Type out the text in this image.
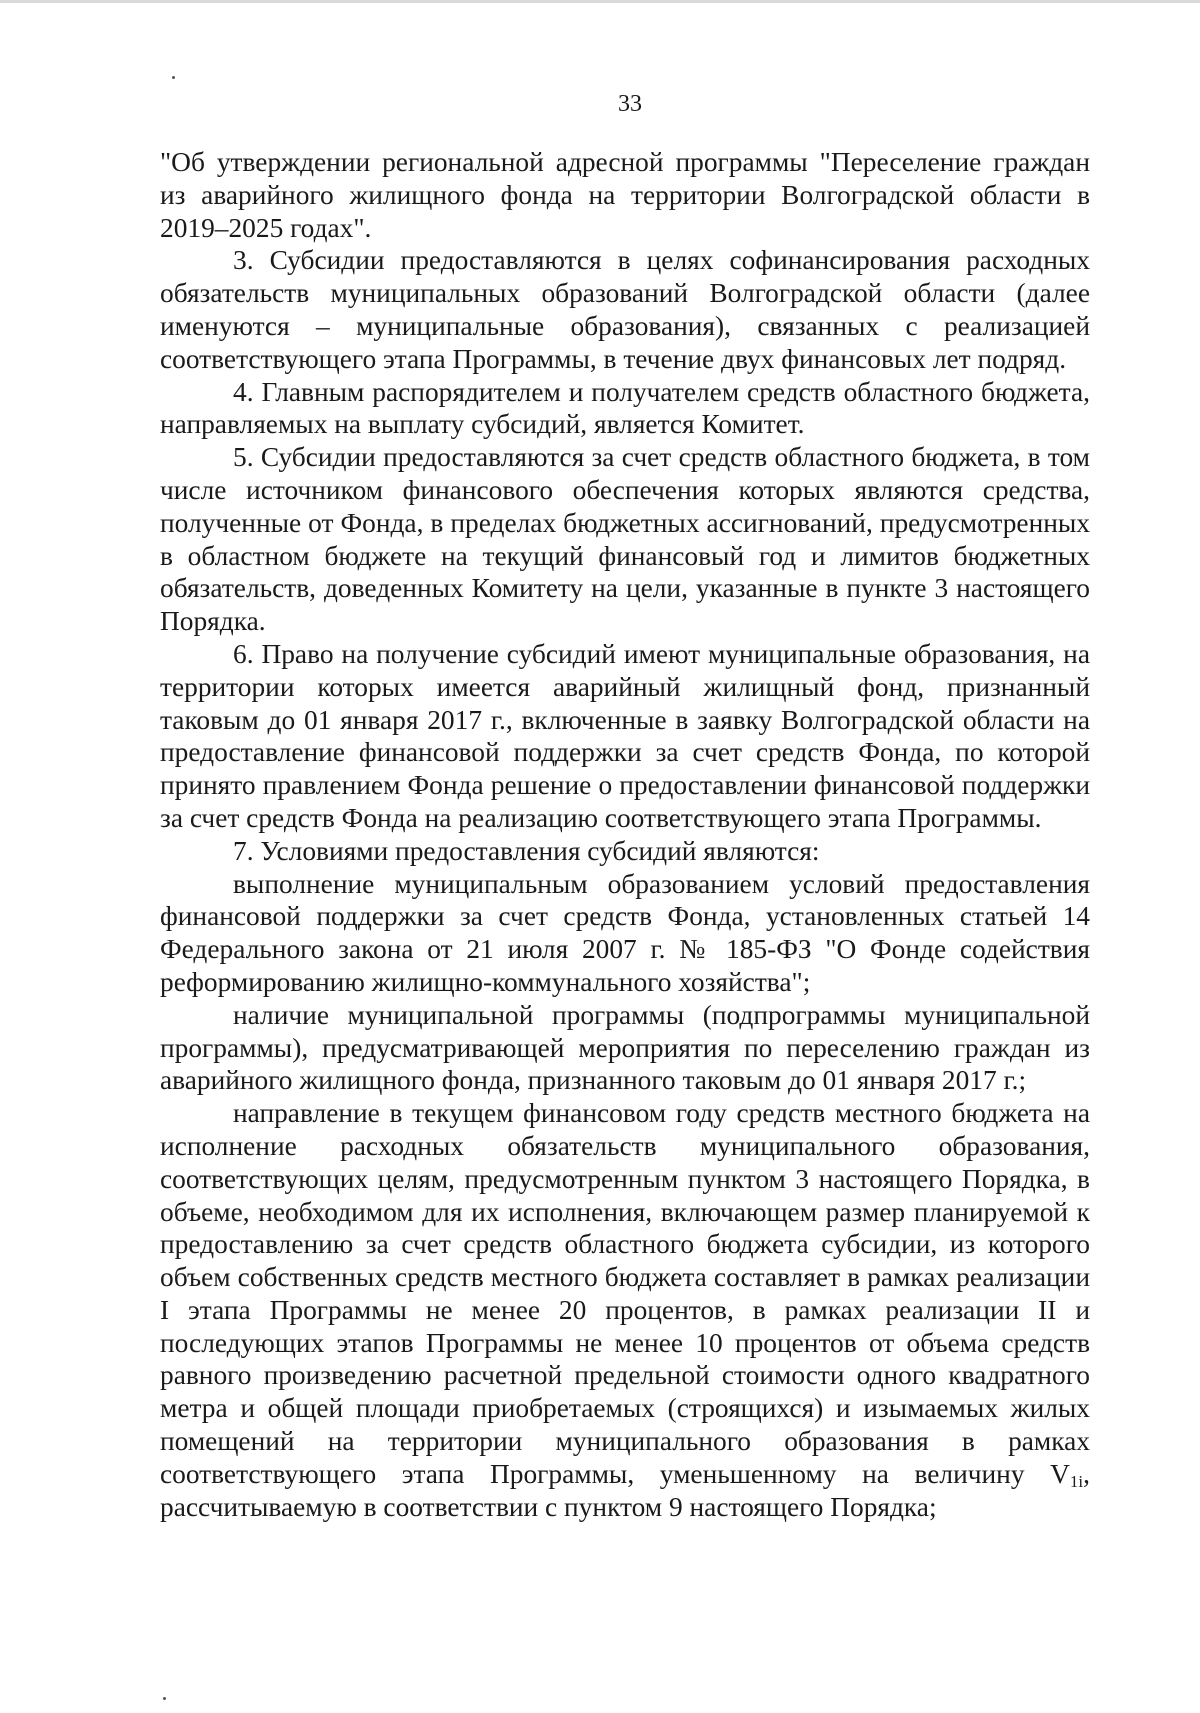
33

"Об утверждении региональной адресной программы "Переселение граждан из аварийного жилищного фонда на территории Волгоградской области в 2019–2025 годах".

3. Субсидии предоставляются в целях софинансирования расходных обязательств муниципальных образований Волгоградской области (далее именуются – муниципальные образования), связанных с реализацией соответствующего этапа Программы, в течение двух финансовых лет подряд.

4. Главным распорядителем и получателем средств областного бюджета, направляемых на выплату субсидий, является Комитет.

5. Субсидии предоставляются за счет средств областного бюджета, в том числе источником финансового обеспечения которых являются средства, полученные от Фонда, в пределах бюджетных ассигнований, предусмотренных в областном бюджете на текущий финансовый год и лимитов бюджетных обязательств, доведенных Комитету на цели, указанные в пункте 3 настоящего Порядка.

6. Право на получение субсидий имеют муниципальные образования, на территории которых имеется аварийный жилищный фонд, признанный таковым до 01 января 2017 г., включенные в заявку Волгоградской области на предоставление финансовой поддержки за счет средств Фонда, по которой принято правлением Фонда решение о предоставлении финансовой поддержки за счет средств Фонда на реализацию соответствующего этапа Программы.

7. Условиями предоставления субсидий являются:

выполнение муниципальным образованием условий предоставления финансовой поддержки за счет средств Фонда, установленных статьей 14 Федерального закона от 21 июля 2007 г. № 185-ФЗ "О Фонде содействия реформированию жилищно-коммунального хозяйства";

наличие муниципальной программы (подпрограммы муниципальной программы), предусматривающей мероприятия по переселению граждан из аварийного жилищного фонда, признанного таковым до 01 января 2017 г.;

направление в текущем финансовом году средств местного бюджета на исполнение расходных обязательств муниципального образования, соответствующих целям, предусмотренным пунктом 3 настоящего Порядка, в объеме, необходимом для их исполнения, включающем размер планируемой к предоставлению за счет средств областного бюджета субсидии, из которого объем собственных средств местного бюджета составляет в рамках реализации I этапа Программы не менее 20 процентов, в рамках реализации II и последующих этапов Программы не менее 10 процентов от объема средств равного произведению расчетной предельной стоимости одного квадратного метра и общей площади приобретаемых (строящихся) и изымаемых жилых помещений на территории муниципального образования в рамках соответствующего этапа Программы, уменьшенному на величину $V_{1i}$, рассчитываемую в соответствии с пунктом 9 настоящего Порядка;
